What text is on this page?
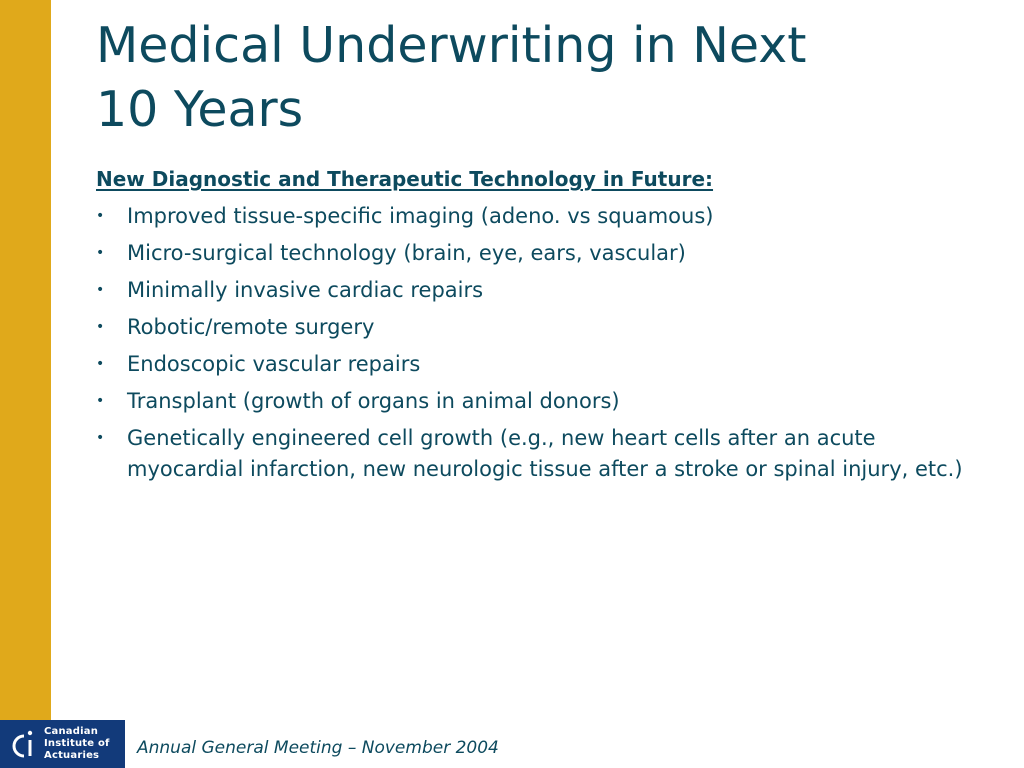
Medical Underwriting in Next
10 Years

New Diagnostic and Therapeutic Technology in Future:

• Improved tissue-specific imaging (adeno. vs squamous)
• Micro-surgical technology (brain, eye, ears, vascular)
• Minimally invasive cardiac repairs
• Robotic/remote surgery
• Endoscopic vascular repairs
• Transplant (growth of organs in animal donors)
• Genetically engineered cell growth (e.g., new heart cells after an acute myocardial infarction, new neurologic tissue after a stroke or spinal injury, etc.)
Canadian
Institute of
Actuaries	Annual General Meeting – November 2004
